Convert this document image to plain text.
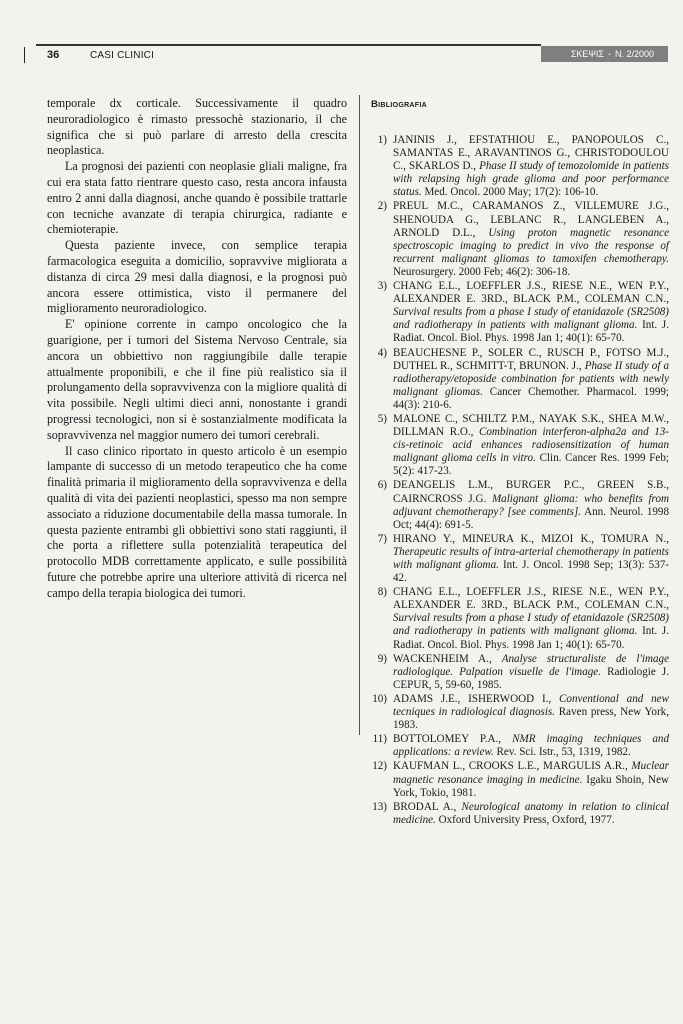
36	CASI CLINICI	ΣΚΕΨΙΣ - N. 2/2000

temporale dx corticale. Successivamente il quadro neuroradiologico è rimasto pressochè stazionario, il che significa che si può parlare di arresto della crescita neoplastica.

La prognosi dei pazienti con neoplasie gliali maligne, fra cui era stata fatto rientrare questo caso, resta ancora infausta entro 2 anni dalla diagnosi, anche quando è possibile trattarle con tecniche avanzate di terapia chirurgica, radiante e chemioterapie.

Questa paziente invece, con semplice terapia farmacologica eseguita a domicilio, sopravvive migliorata a distanza di circa 29 mesi dalla diagnosi, e la prognosi può ancora essere ottimistica, visto il permanere del miglioramento neuroradiologico.

E' opinione corrente in campo oncologico che la guarigione, per i tumori del Sistema Nervoso Centrale, sia ancora un obbiettivo non raggiungibile dalle terapie attualmente proponibili, e che il fine più realistico sia il prolungamento della sopravvivenza con la migliore qualità di vita possibile. Negli ultimi dieci anni, nonostante i grandi progressi tecnologici, non si è sostanzialmente modificata la sopravvivenza nel maggior numero dei tumori cerebrali.

Il caso clinico riportato in questo articolo è un esempio lampante di successo di un metodo terapeutico che ha come finalità primaria il miglioramento della sopravvivenza e della qualità di vita dei pazienti neoplastici, spesso ma non sempre associato a riduzione documentabile della massa tumorale. In questa paziente entrambi gli obbiettivi sono stati raggiunti, il che porta a riflettere sulla potenzialità terapeutica del protocollo MDB correttamente applicato, e sulle possibilità future che potrebbe aprire una ulteriore attività di ricerca nel campo della terapia biologica dei tumori.

Bibliografia
1) JANINIS J., EFSTATHIOU E., PANOPOULOS C., SAMANTAS E., ARAVANTINOS G., CHRISTODOULOU C., SKARLOS D., Phase II study of temozolomide in patients with relapsing high grade glioma and poor performance status. Med. Oncol. 2000 May; 17(2): 106-10.
2) PREUL M.C., CARAMANOS Z., VILLEMURE J.G., SHENOUDA G., LEBLANC R., LANGLEBEN A., ARNOLD D.L., Using proton magnetic resonance spectroscopic imaging to predict in vivo the response of recurrent malignant gliomas to tamoxifen chemotherapy. Neurosurgery. 2000 Feb; 46(2): 306-18.
3) CHANG E.L., LOEFFLER J.S., RIESE N.E., WEN P.Y., ALEXANDER E. 3RD., BLACK P.M., COLEMAN C.N., Survival results from a phase I study of etanidazole (SR2508) and radiotherapy in patients with malignant glioma. Int. J. Radiat. Oncol. Biol. Phys. 1998 Jan 1; 40(1): 65-70.
4) BEAUCHESNE P., SOLER C., RUSCH P., FOTSO M.J., DUTHEL R., SCHMITT-T, BRUNON. J., Phase II study of a radiotherapy/etoposide combination for patients with newly malignant gliomas. Cancer Chemother. Pharmacol. 1999; 44(3): 210-6.
5) MALONE C., SCHILTZ P.M., NAYAK S.K., SHEA M.W., DILLMAN R.O., Combination interferon-alpha2a and 13-cis-retinoic acid enhances radiosensitization of human malignant glioma cells in vitro. Clin. Cancer Res. 1999 Feb; 5(2): 417-23.
6) DEANGELIS L.M., BURGER P.C., GREEN S.B., CAIRNCROSS J.G. Malignant glioma: who benefits from adjuvant chemotherapy? [see comments]. Ann. Neurol. 1998 Oct; 44(4): 691-5.
7) HIRANO Y., MINEURA K., MIZOI K., TOMURA N., Therapeutic results of intra-arterial chemotherapy in patients with malignant glioma. Int. J. Oncol. 1998 Sep; 13(3): 537-42.
8) CHANG E.L., LOEFFLER J.S., RIESE N.E., WEN P.Y., ALEXANDER E. 3RD., BLACK P.M., COLEMAN C.N., Survival results from a phase I study of etanidazole (SR2508) and radiotherapy in patients with malignant glioma. Int. J. Radiat. Oncol. Biol. Phys. 1998 Jan 1; 40(1): 65-70.
9) WACKENHEIM A., Analyse structuraliste de l'image radiologique. Palpation visuelle de l'image. Radiologie J. CEPUR, 5, 59-60, 1985.
10) ADAMS J.E., ISHERWOOD I., Conventional and new tecniques in radiological diagnosis. Raven press, New York, 1983.
11) BOTTOLOMEY P.A., NMR imaging techniques and applications: a review. Rev. Sci. Istr., 53, 1319, 1982.
12) KAUFMAN L., CROOKS L.E., MARGULIS A.R., Muclear magnetic resonance imaging in medicine. Igaku Shoin, New York, Tokio, 1981.
13) BRODAL A., Neurological anatomy in relation to clinical medicine. Oxford University Press, Oxford, 1977.
